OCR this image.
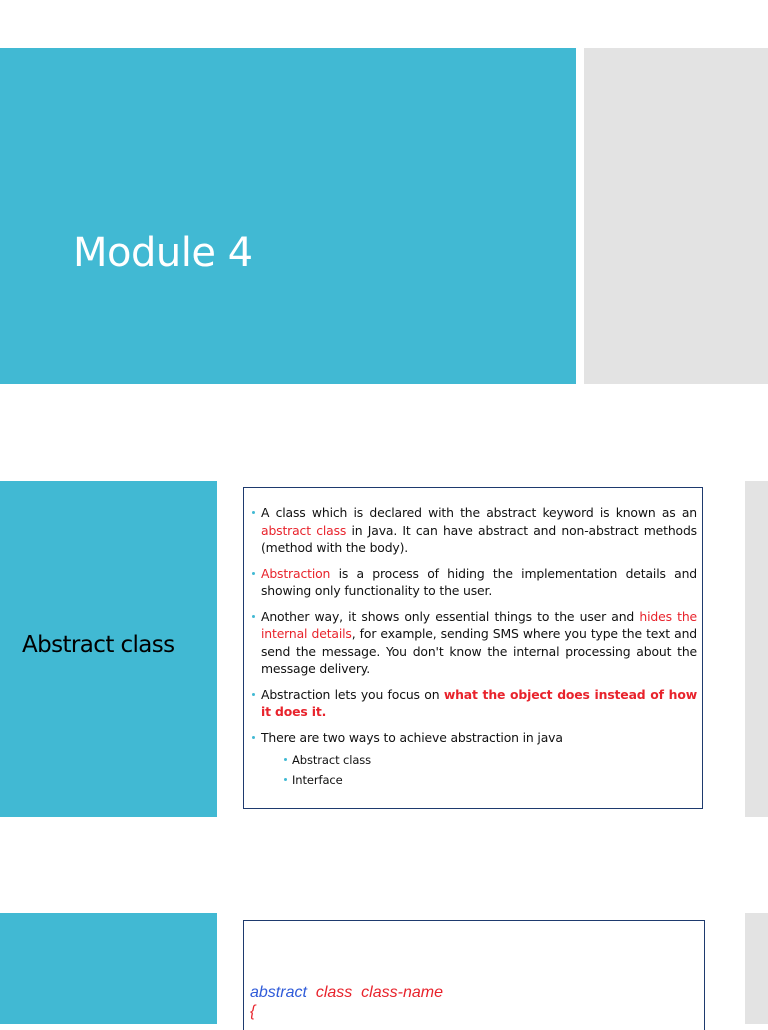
Module 4
Abstract class
A class which is declared with the abstract keyword is known as an abstract class in Java. It can have abstract and non-abstract methods (method with the body).
Abstraction is a process of hiding the implementation details and showing only functionality to the user.
Another way, it shows only essential things to the user and hides the internal details, for example, sending SMS where you type the text and send the message. You don't know the internal processing about the message delivery.
Abstraction lets you focus on what the object does instead of how it does it.
There are two ways to achieve abstraction in java
Abstract class
Interface
abstract class class-name
{
